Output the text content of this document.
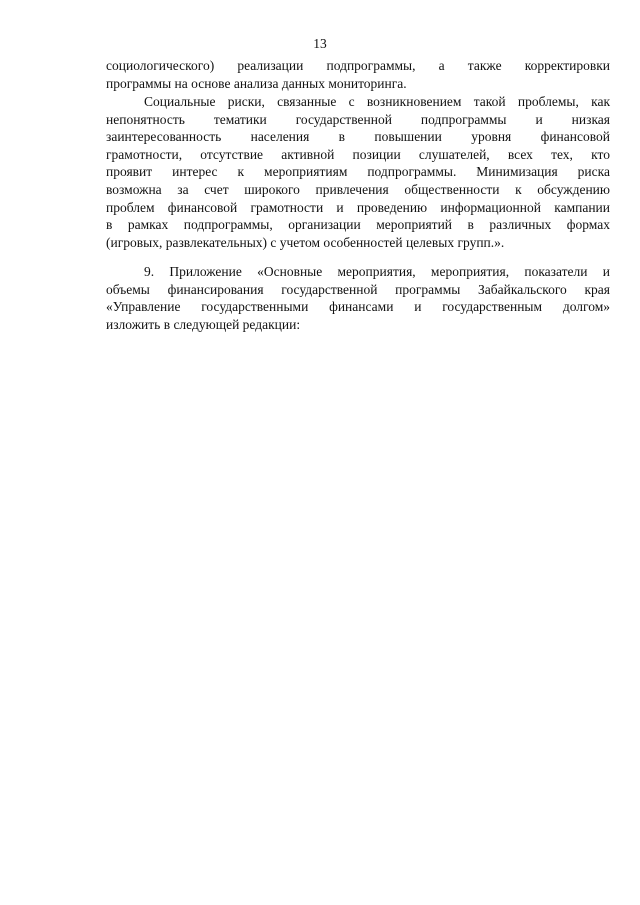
13
социологического) реализации подпрограммы, а также корректировки
программы на основе анализа данных мониторинга.
Социальные риски, связанные с возникновением такой проблемы, как
непонятность тематики государственной подпрограммы и низкая
заинтересованность населения в повышении уровня финансовой
грамотности, отсутствие активной позиции слушателей, всех тех, кто
проявит интерес к мероприятиям подпрограммы. Минимизация риска
возможна за счет широкого привлечения общественности к обсуждению
проблем финансовой грамотности и проведению информационной кампании
в рамках подпрограммы, организации мероприятий в различных формах
(игровых, развлекательных) с учетом особенностей целевых групп.».
9. Приложение «Основные мероприятия, мероприятия, показатели и
объемы финансирования государственной программы Забайкальского края
«Управление государственными финансами и государственным долгом»
изложить в следующей редакции:
